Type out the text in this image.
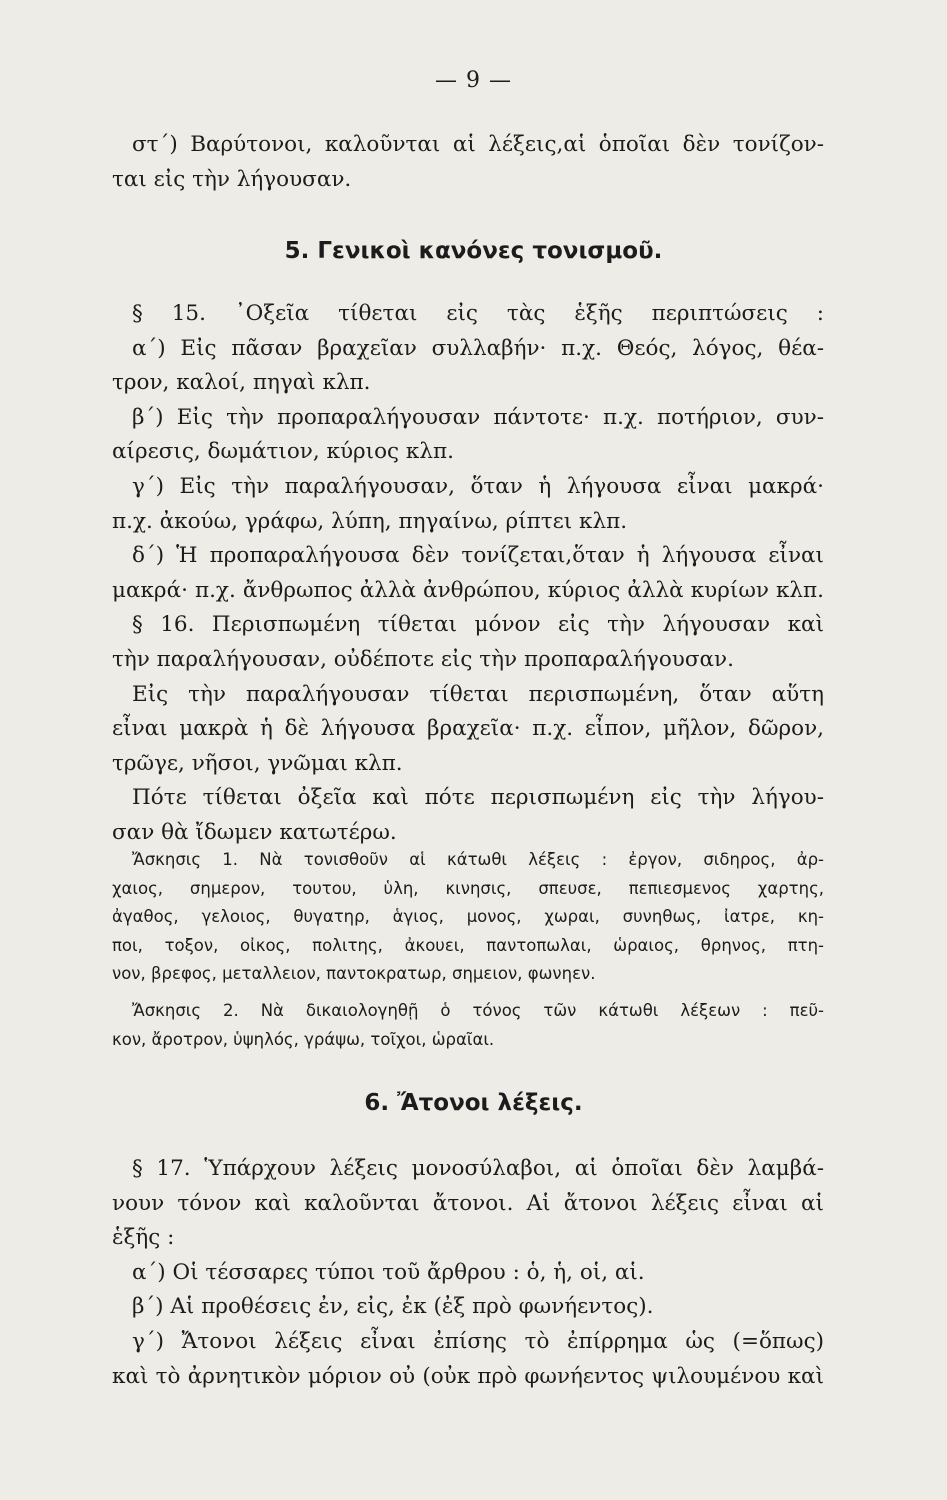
— 9 —
στ΄) Βαρύτονοι, καλοῦνται αἱ λέξεις,αἱ ὁποῖαι δὲν τονίζον-
ται εἰς τὴν λήγουσαν.
5. Γενικοὶ κανόνες τονισμοῦ.
§ 15. ᾿Οξεῖα τίθεται εἰς τὰς ἑξῆς περιπτώσεις :
α΄) Εἰς πᾶσαν βραχεῖαν συλλαβήν· π.χ. Θεός, λόγος, θέα-
τρον, καλοί, πηγαὶ κλπ.
β΄) Εἰς τὴν προπαραλήγουσαν πάντοτε· π.χ. ποτήριον, συν-
αίρεσις, δωμάτιον, κύριος κλπ.
γ΄) Εἰς τὴν παραλήγουσαν, ὅταν ἡ λήγουσα εἶναι μακρά·
π.χ. ἀκούω, γράφω, λύπη, πηγαίνω, ρίπτει κλπ.
δ΄) Ἡ προπαραλήγουσα δὲν τονίζεται,ὅταν ἡ λήγουσα εἶναι
μακρά· π.χ. ἄνθρωπος ἀλλὰ ἀνθρώπου, κύριος ἀλλὰ κυρίων κλπ.
§ 16. Περισπωμένη τίθεται μόνον εἰς τὴν λήγουσαν καὶ
τὴν παραλήγουσαν, οὐδέποτε εἰς τὴν προπαραλήγουσαν.
Εἰς τὴν παραλήγουσαν τίθεται περισπωμένη, ὅταν αὕτη
εἶναι μακρὰ ἡ δὲ λήγουσα βραχεῖα· π.χ. εἶπον, μῆλον, δῶρον,
τρῶγε, νῆσοι, γνῶμαι κλπ.
Πότε τίθεται ὀξεῖα καὶ πότε περισπωμένη εἰς τὴν λήγου-
σαν θὰ ἴδωμεν κατωτέρω.
Ἄσκησις 1. Νὰ τονισθοῦν αἱ κάτωθι λέξεις : ἐργον, σιδηρος, ἀρ-
χαιος, σημερον, τουτου, ὑλη, κινησις, σπευσε, πεπιεσμενος χαρτης,
ἀγαθος, γελοιος, θυγατηρ, ἁγιος, μονος, χωραι, συνηθως, ἰατρε, κη-
ποι, τοξον, οἰκος, πολιτης, ἀκουει, παντοπωλαι, ὡραιος, θρηνος, πτη-
νον, βρεφος, μεταλλειον, παντοκρατωρ, σημειον, φωνηεν.
Ἄσκησις 2. Νὰ δικαιολογηθῇ ὁ τόνος τῶν κάτωθι λέξεων : πεῦ-
κον, ἄροτρον, ὑψηλός, γράψω, τοῖχοι, ὡραῖαι.
6. Ἄτονοι λέξεις.
§ 17. Ὑπάρχουν λέξεις μονοσύλαβοι, αἱ ὁποῖαι δὲν λαμβά-
νουν τόνον καὶ καλοῦνται ἄτονοι. Αἱ ἄτονοι λέξεις εἶναι αἱ
ἑξῆς :
α΄) Οἱ τέσσαρες τύποι τοῦ ἄρθρου : ὁ, ἡ, οἱ, αἱ.
β΄) Αἱ προθέσεις ἐν, εἰς, ἐκ (ἐξ πρὸ φωνήεντος).
γ΄) Ἄτονοι λέξεις εἶναι ἐπίσης τὸ ἐπίρρημα ὡς (=ὅπως)
καὶ τὸ ἀρνητικὸν μόριον οὐ (οὐκ πρὸ φωνήεντος ψιλουμένου καὶ
